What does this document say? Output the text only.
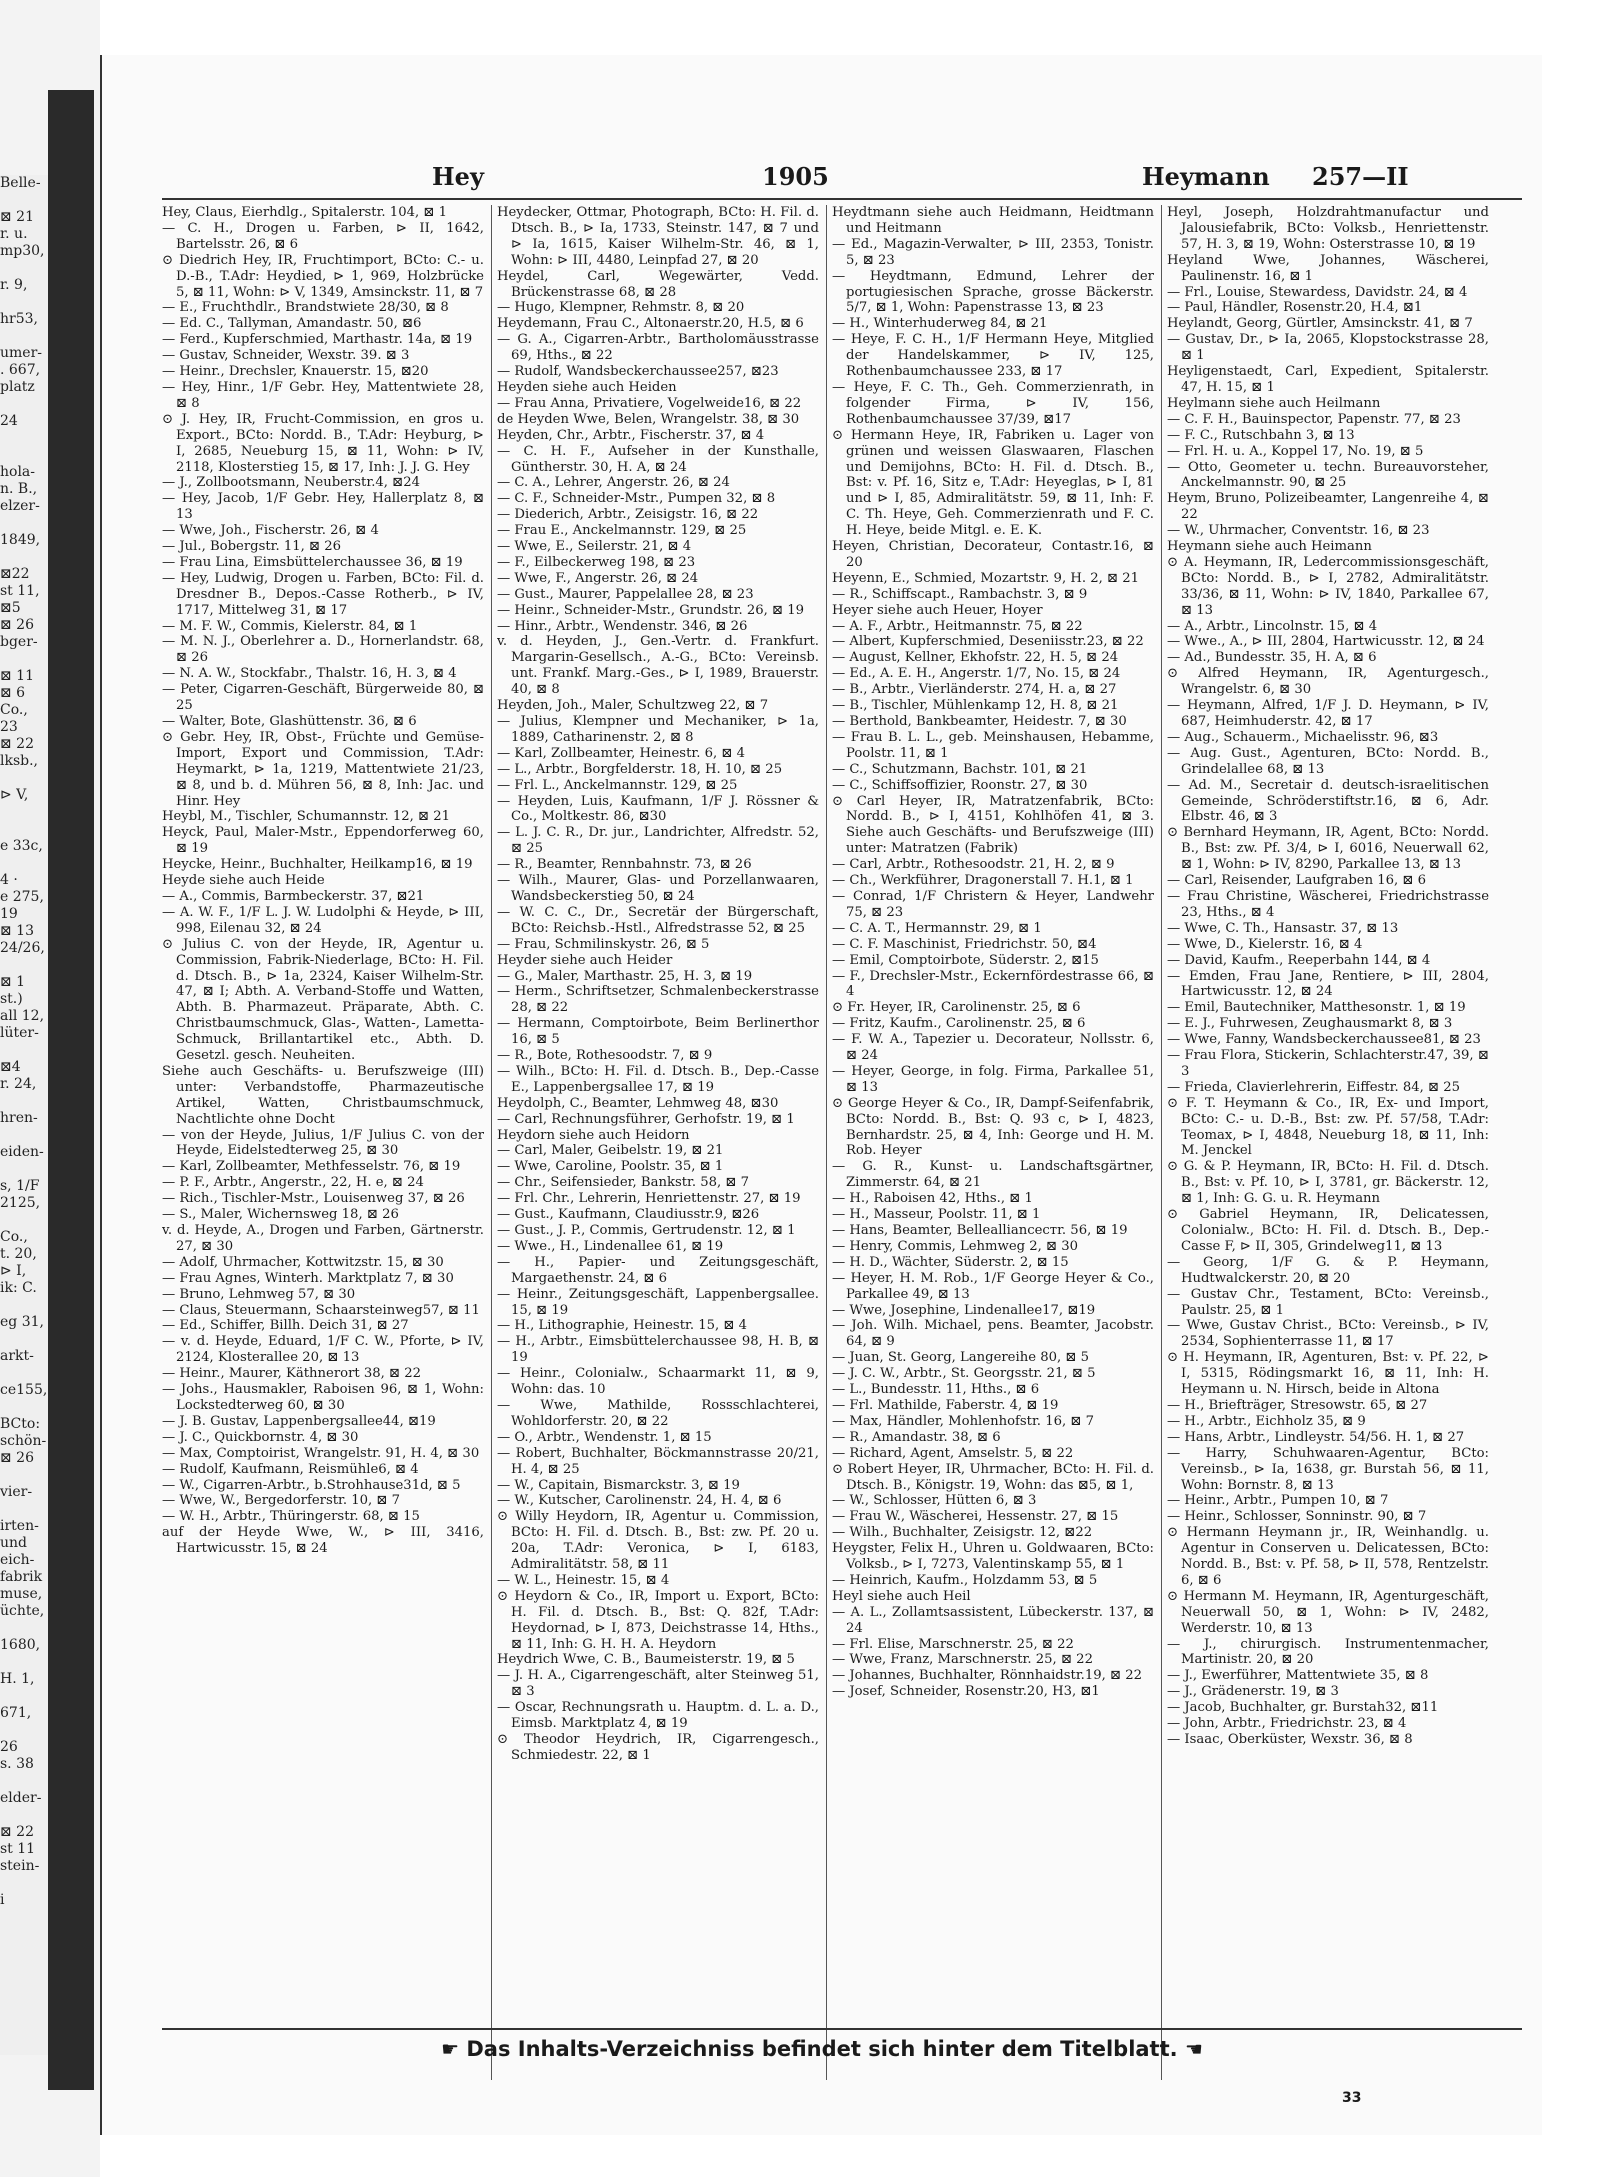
Belle-

⊠ 21
r. u.
mp30,

r. 9,

hr53,

umer-
. 667,
platz

24

hola-
n. B.,
elzer-

1849,

⊠22
st 11,
⊠5
⊠ 26
bger-

⊠ 11
⊠ 6
Co.,
23
⊠ 22
lksb.,

⊳ V,

e 33c,

4 ·
e 275,
19
⊠ 13
24/26,

⊠ 1
st.)
all 12,
lüter-

⊠4
r. 24,

hren-

eiden-

s, 1/F
2125,

Co.,
t. 20,
⊳ I,
ik: C.

eg 31,

arkt-

ce155,

BCto:
schön-
⊠ 26

vier-

irten-
und
eich-
fabrik
muse,
üchte,

1680,

H. 1,

671,

26
s. 38

elder-

⊠ 22
st 11
stein-

i
Hey	1905	Heymann 257—II
Hey, Claus, Eierhdlg., Spitalerstr. 104, ⊠ 1
— C. H., Drogen u. Farben, ⊳ II, 1642, Bartelsstr. 26, ⊠ 6
⊙ Diedrich Hey, IR, Fruchtimport, BCto: C.- u. D.-B., T.Adr: Heydied, ⊳ 1, 969, Holzbrücke 5, ⊠ 11, Wohn: ⊳ V, 1349, Amsinckstr. 11, ⊠ 7
— E., Fruchthdlr., Brandstwiete 28/30, ⊠ 8
— Ed. C., Tallyman, Amandastr. 50, ⊠6
— Ferd., Kupferschmied, Marthastr. 14a, ⊠ 19
— Gustav, Schneider, Wexstr. 39. ⊠ 3
— Heinr., Drechsler, Knauerstr. 15, ⊠20
— Hey, Hinr., 1/F Gebr. Hey, Mattentwiete 28, ⊠ 8
⊙ J. Hey, IR, Frucht-Commission, en gros u. Export., BCto: Nordd. B., T.Adr: Heyburg, ⊳ I, 2685, Neueburg 15, ⊠ 11, Wohn: ⊳ IV, 2118, Klosterstieg 15, ⊠ 17, Inh: J. J. G. Hey
— J., Zollbootsmann, Neuberstr.4, ⊠24
— Hey, Jacob, 1/F Gebr. Hey, Hallerplatz 8, ⊠ 13
— Wwe, Joh., Fischerstr. 26, ⊠ 4
— Jul., Bobergstr. 11, ⊠ 26
— Frau Lina, Eimsbüttelerchaussee 36, ⊠ 19
— Hey, Ludwig, Drogen u. Farben, BCto: Fil. d. Dresdner B., Depos.-Casse Rotherb., ⊳ IV, 1717, Mittelweg 31, ⊠ 17
— M. F. W., Commis, Kielerstr. 84, ⊠ 1
— M. N. J., Oberlehrer a. D., Hornerlandstr. 68, ⊠ 26
— N. A. W., Stockfabr., Thalstr. 16, H. 3, ⊠ 4
— Peter, Cigarren-Geschäft, Bürgerweide 80, ⊠ 25
— Walter, Bote, Glashüttenstr. 36, ⊠ 6
⊙ Gebr. Hey, IR, Obst-, Früchte und Gemüse-Import, Export und Commission, T.Adr: Heymarkt, ⊳ 1a, 1219, Mattentwiete 21/23, ⊠ 8, und b. d. Mühren 56, ⊠ 8, Inh: Jac. und Hinr. Hey
Heybl, M., Tischler, Schumannstr. 12, ⊠ 21
Heyck, Paul, Maler-Mstr., Eppendorferweg 60, ⊠ 19
Heycke, Heinr., Buchhalter, Heilkamp16, ⊠ 19
Heyde siehe auch Heide
— A., Commis, Barmbeckerstr. 37, ⊠21
— A. W. F., 1/F L. J. W. Ludolphi & Heyde, ⊳ III, 998, Eilenau 32, ⊠ 24
⊙ Julius C. von der Heyde, IR, Agentur u. Commission, Fabrik-Niederlage, BCto: H. Fil. d. Dtsch. B., ⊳ 1a, 2324, Kaiser Wilhelm-Str. 47, ⊠ I; Abth. A. Verband-Stoffe und Watten, Abth. B. Pharmazeut. Präparate, Abth. C. Christbaumschmuck, Glas-, Watten-, Lametta-Schmuck, Brillantartikel etc., Abth. D. Gesetzl. gesch. Neuheiten.
Siehe auch Geschäfts- u. Berufszweige (III) unter: Verbandstoffe, Pharmazeutische Artikel, Watten, Christbaumschmuck, Nachtlichte ohne Docht
— von der Heyde, Julius, 1/F Julius C. von der Heyde, Eidelstedterweg 25, ⊠ 30
— Karl, Zollbeamter, Methfesselstr. 76, ⊠ 19
— P. F., Arbtr., Angerstr., 22, H. e, ⊠ 24
— Rich., Tischler-Mstr., Louisenweg 37, ⊠ 26
— S., Maler, Wichernsweg 18, ⊠ 26
v. d. Heyde, A., Drogen und Farben, Gärtnerstr. 27, ⊠ 30
— Adolf, Uhrmacher, Kottwitzstr. 15, ⊠ 30
— Frau Agnes, Winterh. Marktplatz 7, ⊠ 30
— Bruno, Lehmweg 57, ⊠ 30
— Claus, Steuermann, Schaarsteinweg57, ⊠ 11
— Ed., Schiffer, Billh. Deich 31, ⊠ 27
— v. d. Heyde, Eduard, 1/F C. W., Pforte, ⊳ IV, 2124, Klosterallee 20, ⊠ 13
— Heinr., Maurer, Käthnerort 38, ⊠ 22
— Johs., Hausmakler, Raboisen 96, ⊠ 1, Wohn: Lockstedterweg 60, ⊠ 30
— J. B. Gustav, Lappenbergsallee44, ⊠19
— J. C., Quickbornstr. 4, ⊠ 30
— Max, Comptoirist, Wrangelstr. 91, H. 4, ⊠ 30
— Rudolf, Kaufmann, Reismühle6, ⊠ 4
— W., Cigarren-Arbtr., b.Strohhause31d, ⊠ 5
— Wwe, W., Bergedorferstr. 10, ⊠ 7
— W. H., Arbtr., Thüringerstr. 68, ⊠ 15
auf der Heyde Wwe, W., ⊳ III, 3416, Hartwicusstr. 15, ⊠ 24
Heydecker, Ottmar, Photograph, BCto: H. Fil. d. Dtsch. B., ⊳ Ia, 1733, Steinstr. 147, ⊠ 7 und ⊳ Ia, 1615, Kaiser Wilhelm-Str. 46, ⊠ 1, Wohn: ⊳ III, 4480, Leinpfad 27, ⊠ 20
Heydel, Carl, Wegewärter, Vedd. Brückenstrasse 68, ⊠ 28
— Hugo, Klempner, Rehmstr. 8, ⊠ 20
Heydemann, Frau C., Altonaerstr.20, H.5, ⊠ 6
— G. A., Cigarren-Arbtr., Bartholomäusstrasse 69, Hths., ⊠ 22
— Rudolf, Wandsbeckerchaussee257, ⊠23
Heyden siehe auch Heiden
— Frau Anna, Privatiere, Vogelweide16, ⊠ 22
de Heyden Wwe, Belen, Wrangelstr. 38, ⊠ 30
Heyden, Chr., Arbtr., Fischerstr. 37, ⊠ 4
— C. H. F., Aufseher in der Kunsthalle, Güntherstr. 30, H. A, ⊠ 24
— C. A., Lehrer, Angerstr. 26, ⊠ 24
— C. F., Schneider-Mstr., Pumpen 32, ⊠ 8
— Diederich, Arbtr., Zeisigstr. 16, ⊠ 22
— Frau E., Anckelmannstr. 129, ⊠ 25
— Wwe, E., Seilerstr. 21, ⊠ 4
— F., Eilbeckerweg 198, ⊠ 23
— Wwe, F., Angerstr. 26, ⊠ 24
— Gust., Maurer, Pappelallee 28, ⊠ 23
— Heinr., Schneider-Mstr., Grundstr. 26, ⊠ 19
— Hinr., Arbtr., Wendenstr. 346, ⊠ 26
v. d. Heyden, J., Gen.-Vertr. d. Frankfurt. Margarin-Gesellsch., A.-G., BCto: Vereinsb. unt. Frankf. Marg.-Ges., ⊳ I, 1989, Brauerstr. 40, ⊠ 8
Heyden, Joh., Maler, Schultzweg 22, ⊠ 7
— Julius, Klempner und Mechaniker, ⊳ 1a, 1889, Catharinenstr. 2, ⊠ 8
— Karl, Zollbeamter, Heinestr. 6, ⊠ 4
— L., Arbtr., Borgfelderstr. 18, H. 10, ⊠ 25
— Frl. L., Anckelmannstr. 129, ⊠ 25
— Heyden, Luis, Kaufmann, 1/F J. Rössner & Co., Moltkestr. 86, ⊠30
— L. J. C. R., Dr. jur., Landrichter, Alfredstr. 52, ⊠ 25
— R., Beamter, Rennbahnstr. 73, ⊠ 26
— Wilh., Maurer, Glas- und Porzellanwaaren, Wandsbeckerstieg 50, ⊠ 24
— W. C. C., Dr., Secretär der Bürgerschaft, BCto: Reichsb.-Hstl., Alfredstrasse 52, ⊠ 25
— Frau, Schmilinskystr. 26, ⊠ 5
Heyder siehe auch Heider
— G., Maler, Marthastr. 25, H. 3, ⊠ 19
— Herm., Schriftsetzer, Schmalenbeckerstrasse 28, ⊠ 22
— Hermann, Comptoirbote, Beim Berlinerthor 16, ⊠ 5
— R., Bote, Rothesoodstr. 7, ⊠ 9
— Wilh., BCto: H. Fil. d. Dtsch. B., Dep.-Casse E., Lappenbergsallee 17, ⊠ 19
Heydolph, C., Beamter, Lehmweg 48, ⊠30
— Carl, Rechnungsführer, Gerhofstr. 19, ⊠ 1
Heydorn siehe auch Heidorn
— Carl, Maler, Geibelstr. 19, ⊠ 21
— Wwe, Caroline, Poolstr. 35, ⊠ 1
— Chr., Seifensieder, Bankstr. 58, ⊠ 7
— Frl. Chr., Lehrerin, Henriettenstr. 27, ⊠ 19
— Gust., Kaufmann, Claudiusstr.9, ⊠26
— Gust., J. P., Commis, Gertrudenstr. 12, ⊠ 1
— Wwe., H., Lindenallee 61, ⊠ 19
— H., Papier- und Zeitungsgeschäft, Margaethenstr. 24, ⊠ 6
— Heinr., Zeitungsgeschäft, Lappenbergsallee. 15, ⊠ 19
— H., Lithographie, Heinestr. 15, ⊠ 4
— H., Arbtr., Eimsbüttelerchaussee 98, H. B, ⊠ 19
— Heinr., Colonialw., Schaarmarkt 11, ⊠ 9, Wohn: das. 10
— Wwe, Mathilde, Rossschlachterei, Wohldorferstr. 20, ⊠ 22
— O., Arbtr., Wendenstr. 1, ⊠ 15
— Robert, Buchhalter, Böckmannstrasse 20/21, H. 4, ⊠ 25
— W., Capitain, Bismarckstr. 3, ⊠ 19
— W., Kutscher, Carolinenstr. 24, H. 4, ⊠ 6
⊙ Willy Heydorn, IR, Agentur u. Commission, BCto: H. Fil. d. Dtsch. B., Bst: zw. Pf. 20 u. 20a, T.Adr: Veronica, ⊳ I, 6183, Admiralitätstr. 58, ⊠ 11
— W. L., Heinestr. 15, ⊠ 4
⊙ Heydorn & Co., IR, Import u. Export, BCto: H. Fil. d. Dtsch. B., Bst: Q. 82f, T.Adr: Heydornad, ⊳ I, 873, Deichstrasse 14, Hths., ⊠ 11, Inh: G. H. H. A. Heydorn
Heydrich Wwe, C. B., Baumeisterstr. 19, ⊠ 5
— J. H. A., Cigarrengeschäft, alter Steinweg 51, ⊠ 3
— Oscar, Rechnungsrath u. Hauptm. d. L. a. D., Eimsb. Marktplatz 4, ⊠ 19
⊙ Theodor Heydrich, IR, Cigarrengesch., Schmiedestr. 22, ⊠ 1
Heydtmann siehe auch Heidmann, Heidtmann und Heitmann
— Ed., Magazin-Verwalter, ⊳ III, 2353, Tonistr. 5, ⊠ 23
— Heydtmann, Edmund, Lehrer der portugiesischen Sprache, grosse Bäckerstr. 5/7, ⊠ 1, Wohn: Papenstrasse 13, ⊠ 23
— H., Winterhuderweg 84, ⊠ 21
— Heye, F. C. H., 1/F Hermann Heye, Mitglied der Handelskammer, ⊳ IV, 125, Rothenbaumchaussee 233, ⊠ 17
— Heye, F. C. Th., Geh. Commerzienrath, in folgender Firma, ⊳ IV, 156, Rothenbaumchaussee 37/39, ⊠17
⊙ Hermann Heye, IR, Fabriken u. Lager von grünen und weissen Glaswaaren, Flaschen und Demijohns, BCto: H. Fil. d. Dtsch. B., Bst: v. Pf. 16, Sitz e, T.Adr: Heyeglas, ⊳ I, 81 und ⊳ I, 85, Admiralitätstr. 59, ⊠ 11, Inh: F. C. Th. Heye, Geh. Commerzienrath und F. C. H. Heye, beide Mitgl. e. E. K.
Heyen, Christian, Decorateur, Contastr.16, ⊠ 20
Heyenn, E., Schmied, Mozartstr. 9, H. 2, ⊠ 21
— R., Schiffscapt., Rambachstr. 3, ⊠ 9
Heyer siehe auch Heuer, Hoyer
— A. F., Arbtr., Heitmannstr. 75, ⊠ 22
— Albert, Kupferschmied, Deseniisstr.23, ⊠ 22
— August, Kellner, Ekhofstr. 22, H. 5, ⊠ 24
— Ed., A. E. H., Angerstr. 1/7, No. 15, ⊠ 24
— B., Arbtr., Vierländerstr. 274, H. a, ⊠ 27
— B., Tischler, Mühlenkamp 12, H. 8, ⊠ 21
— Berthold, Bankbeamter, Heidestr. 7, ⊠ 30
— Frau B. L. L., geb. Meinshausen, Hebamme, Poolstr. 11, ⊠ 1
— C., Schutzmann, Bachstr. 101, ⊠ 21
— C., Schiffsoffizier, Roonstr. 27, ⊠ 30
⊙ Carl Heyer, IR, Matratzenfabrik, BCto: Nordd. B., ⊳ I, 4151, Kohlhöfen 41, ⊠ 3. Siehe auch Geschäfts- und Berufszweige (III) unter: Matratzen (Fabrik)
— Carl, Arbtr., Rothesoodstr. 21, H. 2, ⊠ 9
— Ch., Werkführer, Dragonerstall 7. H.1, ⊠ 1
— Conrad, 1/F Christern & Heyer, Landwehr 75, ⊠ 23
— C. A. T., Hermannstr. 29, ⊠ 1
— C. F. Maschinist, Friedrichstr. 50, ⊠4
— Emil, Comptoirbote, Süderstr. 2, ⊠15
— F., Drechsler-Mstr., Eckernfördestrasse 66, ⊠ 4
⊙ Fr. Heyer, IR, Carolinenstr. 25, ⊠ 6
— Fritz, Kaufm., Carolinenstr. 25, ⊠ 6
— F. W. A., Tapezier u. Decorateur, Nollsstr. 6, ⊠ 24
— Heyer, George, in folg. Firma, Parkallee 51, ⊠ 13
⊙ George Heyer & Co., IR, Dampf-Seifenfabrik, BCto: Nordd. B., Bst: Q. 93 c, ⊳ I, 4823, Bernhardstr. 25, ⊠ 4, Inh: George und H. M. Rob. Heyer
— G. R., Kunst- u. Landschaftsgärtner, Zimmerstr. 64, ⊠ 21
— H., Raboisen 42, Hths., ⊠ 1
— H., Masseur, Poolstr. 11, ⊠ 1
— Hans, Beamter, Belleallianceстr. 56, ⊠ 19
— Henry, Commis, Lehmweg 2, ⊠ 30
— H. D., Wächter, Süderstr. 2, ⊠ 15
— Heyer, H. M. Rob., 1/F George Heyer & Co., Parkallee 49, ⊠ 13
— Wwe, Josephine, Lindenallee17, ⊠19
— Joh. Wilh. Michael, pens. Beamter, Jacobstr. 64, ⊠ 9
— Juan, St. Georg, Langereihe 80, ⊠ 5
— J. C. W., Arbtr., St. Georgsstr. 21, ⊠ 5
— L., Bundesstr. 11, Hths., ⊠ 6
— Frl. Mathilde, Faberstr. 4, ⊠ 19
— Max, Händler, Mohlenhofstr. 16, ⊠ 7
— R., Amandastr. 38, ⊠ 6
— Richard, Agent, Amselstr. 5, ⊠ 22
⊙ Robert Heyer, IR, Uhrmacher, BCto: H. Fil. d. Dtsch. B., Königstr. 19, Wohn: das ⊠5, ⊠ 1,
— W., Schlosser, Hütten 6, ⊠ 3
— Frau W., Wäscherei, Hessenstr. 27, ⊠ 15
— Wilh., Buchhalter, Zeisigstr. 12, ⊠22
Heygster, Felix H., Uhren u. Goldwaaren, BCto: Volksb., ⊳ I, 7273, Valentinskamp 55, ⊠ 1
— Heinrich, Kaufm., Holzdamm 53, ⊠ 5
Heyl siehe auch Heil
— A. L., Zollamtsassistent, Lübeckerstr. 137, ⊠ 24
— Frl. Elise, Marschnerstr. 25, ⊠ 22
— Wwe, Franz, Marschnerstr. 25, ⊠ 22
— Johannes, Buchhalter, Rönnhaidstr.19, ⊠ 22
— Josef, Schneider, Rosenstr.20, H3, ⊠1
Heyl, Joseph, Holzdrahtmanufactur und Jalousiefabrik, BCto: Volksb., Henriettenstr. 57, H. 3, ⊠ 19, Wohn: Osterstrasse 10, ⊠ 19
Heyland Wwe, Johannes, Wäscherei, Paulinenstr. 16, ⊠ 1
— Frl., Louise, Stewardess, Davidstr. 24, ⊠ 4
— Paul, Händler, Rosenstr.20, H.4, ⊠1
Heylandt, Georg, Gürtler, Amsinckstr. 41, ⊠ 7
— Gustav, Dr., ⊳ Ia, 2065, Klopstockstrasse 28, ⊠ 1
Heyligenstaedt, Carl, Expedient, Spitalerstr. 47, H. 15, ⊠ 1
Heylmann siehe auch Heilmann
— C. F. H., Bauinspector, Papenstr. 77, ⊠ 23
— F. C., Rutschbahn 3, ⊠ 13
— Frl. H. u. A., Koppel 17, No. 19, ⊠ 5
— Otto, Geometer u. techn. Bureauvorsteher, Anckelmannstr. 90, ⊠ 25
Heym, Bruno, Polizeibeamter, Langenreihe 4, ⊠ 22
— W., Uhrmacher, Conventstr. 16, ⊠ 23
Heymann siehe auch Heimann
⊙ A. Heymann, IR, Ledercommissionsgeschäft, BCto: Nordd. B., ⊳ I, 2782, Admiralitätstr. 33/36, ⊠ 11, Wohn: ⊳ IV, 1840, Parkallee 67, ⊠ 13
— A., Arbtr., Lincolnstr. 15, ⊠ 4
— Wwe., A., ⊳ III, 2804, Hartwicusstr. 12, ⊠ 24
— Ad., Bundesstr. 35, H. A, ⊠ 6
⊙ Alfred Heymann, IR, Agenturgesch., Wrangelstr. 6, ⊠ 30
— Heymann, Alfred, 1/F J. D. Heymann, ⊳ IV, 687, Heimhuderstr. 42, ⊠ 17
— Aug., Schauerm., Michaelisstr. 96, ⊠3
— Aug. Gust., Agenturen, BCto: Nordd. B., Grindelallee 68, ⊠ 13
— Ad. M., Secretair d. deutsch-israelitischen Gemeinde, Schröderstiftstr.16, ⊠ 6, Adr. Elbstr. 46, ⊠ 3
⊙ Bernhard Heymann, IR, Agent, BCto: Nordd. B., Bst: zw. Pf. 3/4, ⊳ I, 6016, Neuerwall 62, ⊠ 1, Wohn: ⊳ IV, 8290, Parkallee 13, ⊠ 13
— Carl, Reisender, Laufgraben 16, ⊠ 6
— Frau Christine, Wäscherei, Friedrichstrasse 23, Hths., ⊠ 4
— Wwe, C. Th., Hansastr. 37, ⊠ 13
— Wwe, D., Kielerstr. 16, ⊠ 4
— David, Kaufm., Reeperbahn 144, ⊠ 4
— Emden, Frau Jane, Rentiere, ⊳ III, 2804, Hartwicusstr. 12, ⊠ 24
— Emil, Bautechniker, Matthesonstr. 1, ⊠ 19
— E. J., Fuhrwesen, Zeughausmarkt 8, ⊠ 3
— Wwe, Fanny, Wandsbeckerchaussee81, ⊠ 23
— Frau Flora, Stickerin, Schlachterstr.47, 39, ⊠ 3
— Frieda, Clavierlehrerin, Eiffestr. 84, ⊠ 25
⊙ F. T. Heymann & Co., IR, Ex- und Import, BCto: C.- u. D.-B., Bst: zw. Pf. 57/58, T.Adr: Teomax, ⊳ I, 4848, Neueburg 18, ⊠ 11, Inh: M. Jenckel
⊙ G. & P. Heymann, IR, BCto: H. Fil. d. Dtsch. B., Bst: v. Pf. 10, ⊳ I, 3781, gr. Bäckerstr. 12, ⊠ 1, Inh: G. G. u. R. Heymann
⊙ Gabriel Heymann, IR, Delicatessen, Colonialw., BCto: H. Fil. d. Dtsch. B., Dep.-Casse F, ⊳ II, 305, Grindelweg11, ⊠ 13
— Georg, 1/F G. & P. Heymann, Hudtwalckerstr. 20, ⊠ 20
— Gustav Chr., Testament, BCto: Vereinsb., Paulstr. 25, ⊠ 1
— Wwe, Gustav Christ., BCto: Vereinsb., ⊳ IV, 2534, Sophienterrasse 11, ⊠ 17
⊙ H. Heymann, IR, Agenturen, Bst: v. Pf. 22, ⊳ I, 5315, Rödingsmarkt 16, ⊠ 11, Inh: H. Heymann u. N. Hirsch, beide in Altona
— H., Briefträger, Stresowstr. 65, ⊠ 27
— H., Arbtr., Eichholz 35, ⊠ 9
— Hans, Arbtr., Lindleystr. 54/56. H. 1, ⊠ 27
— Harry, Schuhwaaren-Agentur, BCto: Vereinsb., ⊳ Ia, 1638, gr. Burstah 56, ⊠ 11, Wohn: Bornstr. 8, ⊠ 13
— Heinr., Arbtr., Pumpen 10, ⊠ 7
— Heinr., Schlosser, Sonninstr. 90, ⊠ 7
⊙ Hermann Heymann jr., IR, Weinhandlg. u. Agentur in Conserven u. Delicatessen, BCto: Nordd. B., Bst: v. Pf. 58, ⊳ II, 578, Rentzelstr. 6, ⊠ 6
⊙ Hermann M. Heymann, IR, Agenturgeschäft, Neuerwall 50, ⊠ 1, Wohn: ⊳ IV, 2482, Werderstr. 10, ⊠ 13
— J., chirurgisch. Instrumentenmacher, Martinistr. 20, ⊠ 20
— J., Ewerführer, Mattentwiete 35, ⊠ 8
— J., Grädenerstr. 19, ⊠ 3
— Jacob, Buchhalter, gr. Burstah32, ⊠11
— John, Arbtr., Friedrichstr. 23, ⊠ 4
— Isaac, Oberküster, Wexstr. 36, ⊠ 8
☛ Das Inhalts-Verzeichniss befindet sich hinter dem Titelblatt. ☚
33
